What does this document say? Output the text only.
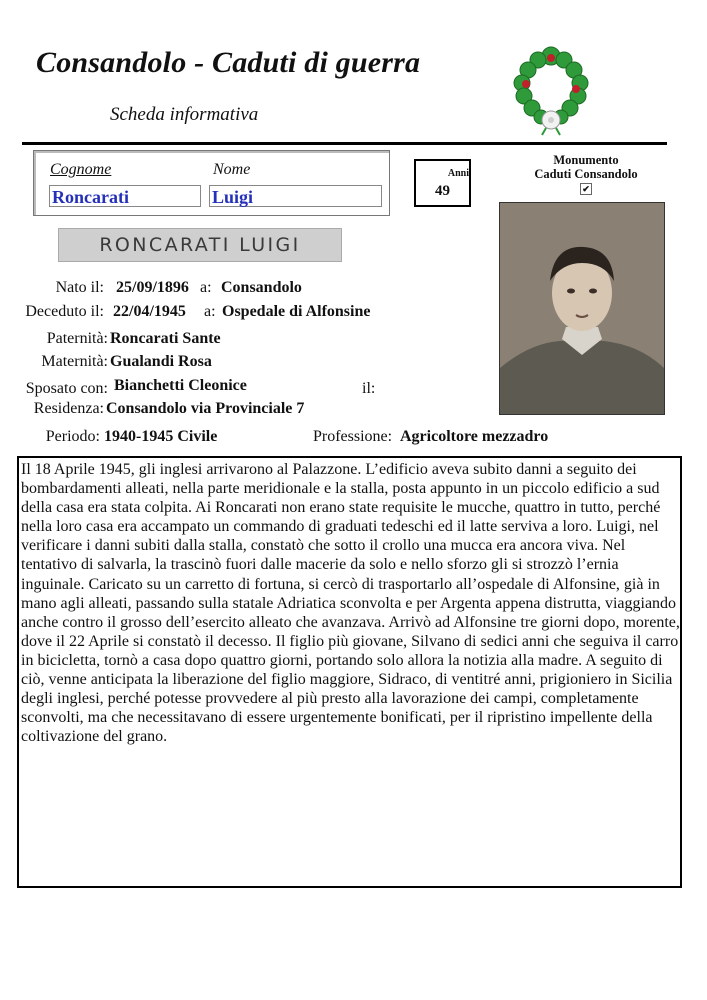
Consandolo - Caduti di guerra
Scheda informativa
Cognome	Nome
Roncarati	Luigi
Anni
49
Monumento
Caduti Consandolo
✔
RONCARATI LUIGI
Nato il: 25/09/1896 a: Consandolo
Deceduto il: 22/04/1945 a: Ospedale di Alfonsine
Paternità: Roncarati Sante
Maternità: Gualandi Rosa
Sposato con: Bianchetti Cleonice	il:
Residenza: Consandolo via Provinciale 7
Periodo: 1940-1945 Civile	Professione: Agricoltore mezzadro

Il 18 Aprile 1945, gli inglesi arrivarono al Palazzone. L’edificio aveva subito danni a seguito dei bombardamenti alleati, nella parte meridionale e la stalla, posta appunto in un piccolo edificio a sud della casa era stata colpita. Ai Roncarati non erano state requisite le mucche, quattro in tutto, perché nella loro casa era accampato un commando di graduati tedeschi ed il latte serviva a loro. Luigi, nel verificare i danni subiti dalla stalla, constatò che sotto il crollo una mucca era ancora viva. Nel tentativo di salvarla, la trascinò fuori dalle macerie da solo e nello sforzo gli si strozzò l’ernia inguinale. Caricato su un carretto di fortuna, si cercò di trasportarlo all’ospedale di Alfonsine, già in mano agli alleati, passando sulla statale Adriatica sconvolta e per Argenta appena distrutta, viaggiando anche contro il grosso dell’esercito alleato che avanzava. Arrivò ad Alfonsine tre giorni dopo, morente, dove il 22 Aprile si constatò il decesso. Il figlio più giovane, Silvano di sedici anni che seguiva il carro in bicicletta, tornò a casa dopo quattro giorni, portando solo allora la notizia alla madre. A seguito di ciò, venne anticipata la liberazione del figlio maggiore, Sidraco, di ventitré anni, prigioniero in Sicilia degli inglesi, perché potesse provvedere al più presto alla lavorazione dei campi, completamente sconvolti, ma che necessitavano di essere urgentemente bonificati, per il ripristino impellente della coltivazione del grano.
